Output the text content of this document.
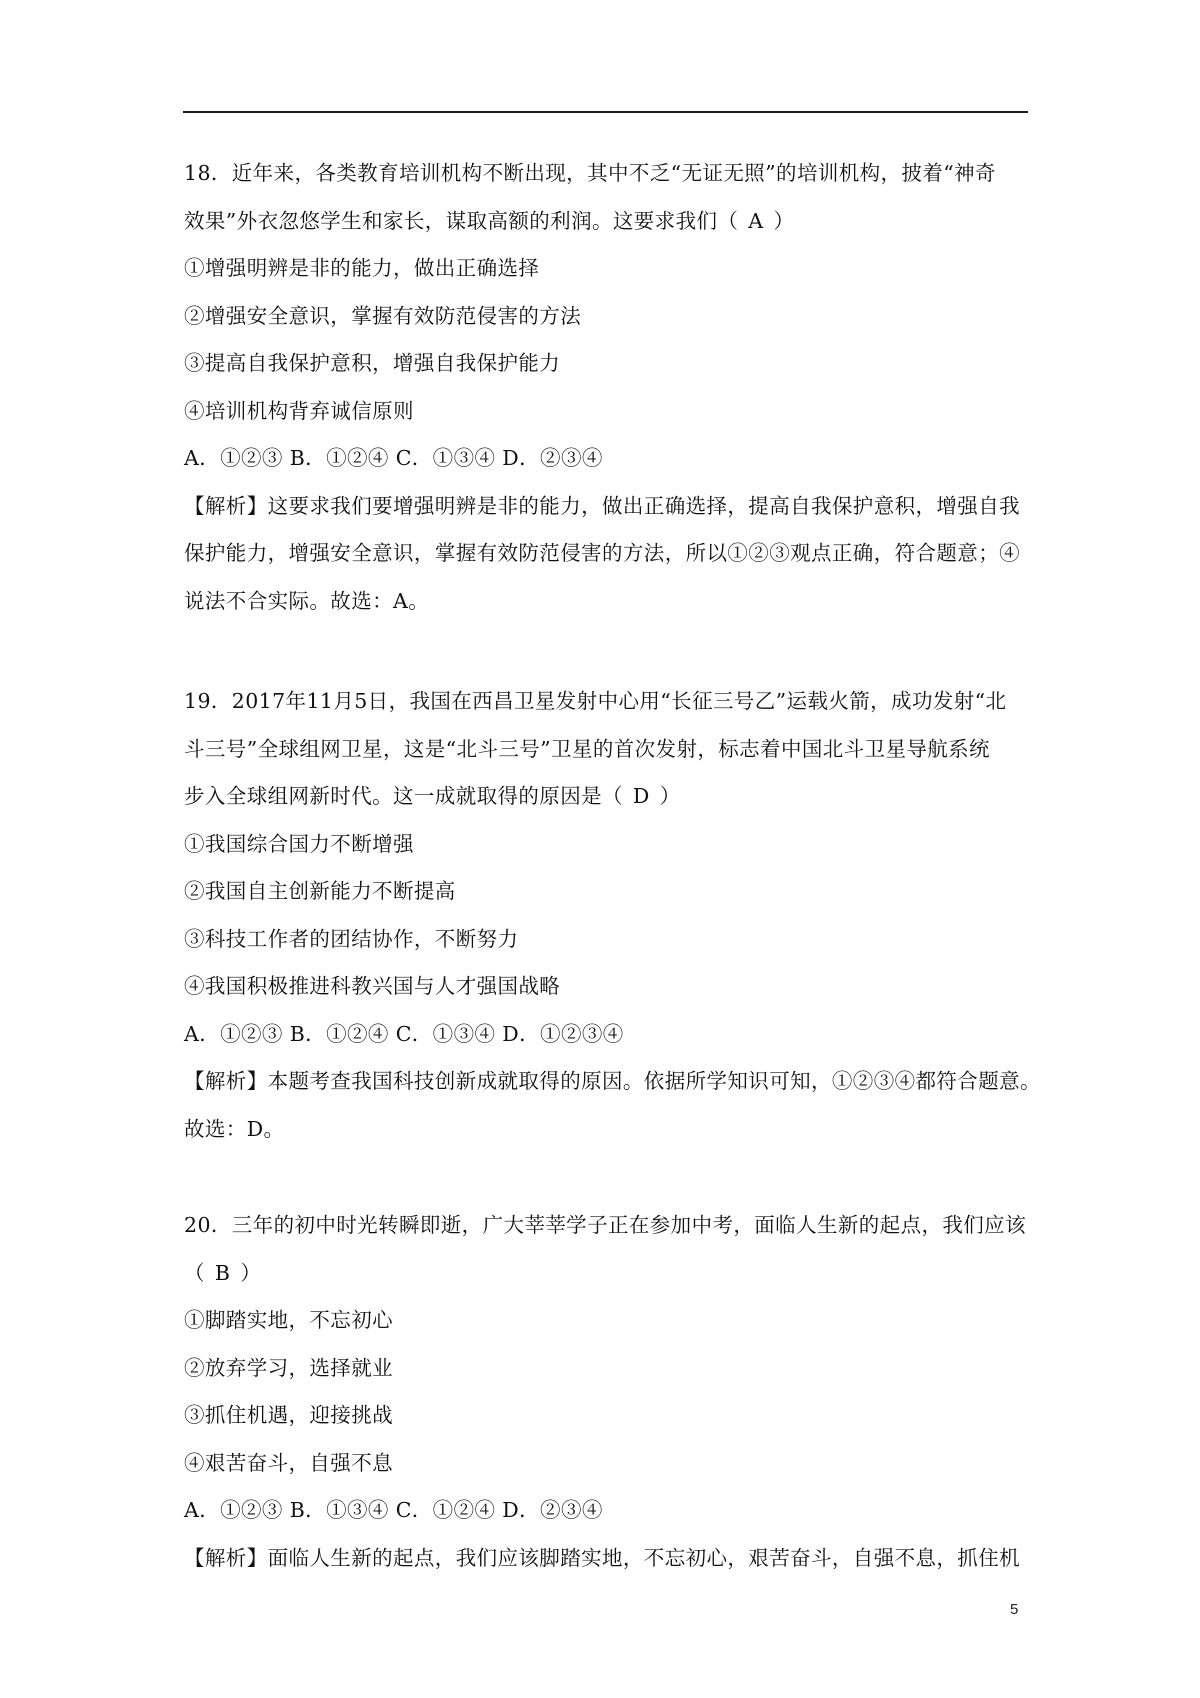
18．近年来，各类教育培训机构不断出现，其中不乏“无证无照”的培训机构，披着“神奇
效果”外衣忽悠学生和家长，谋取高额的利润。这要求我们（ A ）
①增强明辨是非的能力，做出正确选择
②增强安全意识，掌握有效防范侵害的方法
③提高自我保护意积，增强自我保护能力
④培训机构背弃诚信原则
A．①②③ B．①②④ C．①③④ D．②③④
【解析】这要求我们要增强明辨是非的能力，做出正确选择，提高自我保护意积，增强自我
保护能力，增强安全意识，掌握有效防范侵害的方法，所以①②③观点正确，符合题意；④
说法不合实际。故选：A。
19．2017年11月5日，我国在西昌卫星发射中心用“长征三号乙”运载火箭，成功发射“北
斗三号”全球组网卫星，这是“北斗三号”卫星的首次发射，标志着中国北斗卫星导航系统
步入全球组网新时代。这一成就取得的原因是（ D ）
①我国综合国力不断增强
②我国自主创新能力不断提高
③科技工作者的团结协作，不断努力
④我国积极推进科教兴国与人才强国战略
A．①②③ B．①②④ C．①③④ D．①②③④
【解析】本题考查我国科技创新成就取得的原因。依据所学知识可知，①②③④都符合题意。
故选：D。
20．三年的初中时光转瞬即逝，广大莘莘学子正在参加中考，面临人生新的起点，我们应该
（ B ）
①脚踏实地，不忘初心
②放弃学习，选择就业
③抓住机遇，迎接挑战
④艰苦奋斗，自强不息
A．①②③ B．①③④ C．①②④ D．②③④
【解析】面临人生新的起点，我们应该脚踏实地，不忘初心，艰苦奋斗，自强不息，抓住机
5
